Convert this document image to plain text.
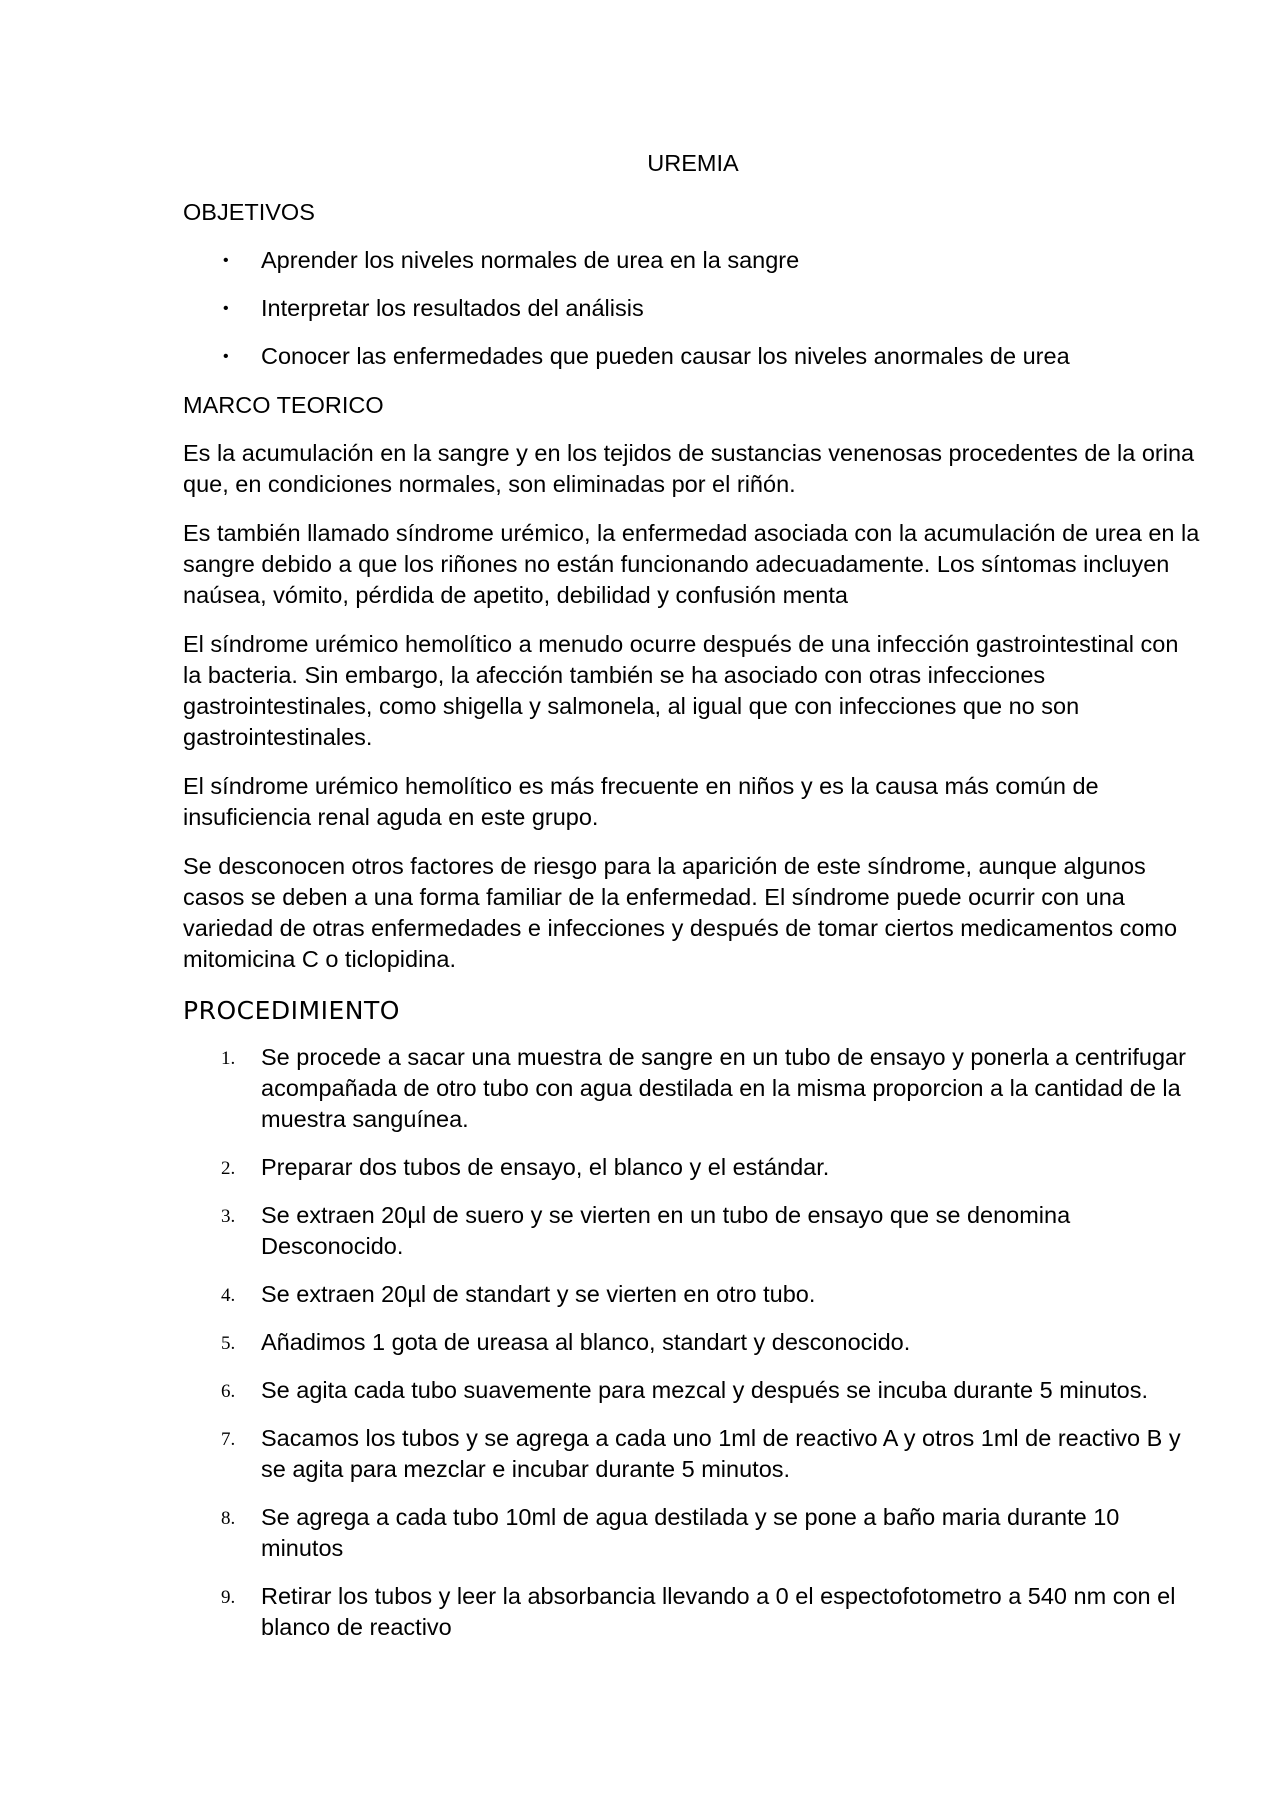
UREMIA
OBJETIVOS
• Aprender los niveles normales de urea en la sangre
• Interpretar los resultados del análisis
• Conocer las enfermedades que pueden causar los niveles anormales de urea
MARCO TEORICO

Es la acumulación en la sangre y en los tejidos de sustancias venenosas procedentes de la orina que, en condiciones normales, son eliminadas por el riñón.

Es también llamado síndrome urémico, la enfermedad asociada con la acumulación de urea en la sangre debido a que los riñones no están funcionando adecuadamente. Los síntomas incluyen naúsea, vómito, pérdida de apetito, debilidad y confusión menta

El síndrome urémico hemolítico a menudo ocurre después de una infección gastrointestinal con la bacteria. Sin embargo, la afección también se ha asociado con otras infecciones gastrointestinales, como shigella y salmonela, al igual que con infecciones que no son gastrointestinales.

El síndrome urémico hemolítico es más frecuente en niños y es la causa más común de insuficiencia renal aguda en este grupo.

Se desconocen otros factores de riesgo para la aparición de este síndrome, aunque algunos casos se deben a una forma familiar de la enfermedad. El síndrome puede ocurrir con una variedad de otras enfermedades e infecciones y después de tomar ciertos medicamentos como mitomicina C o ticlopidina.

PROCEDIMIENTO
1. Se procede a sacar una muestra de sangre en un tubo de ensayo y ponerla a centrifugar acompañada de otro tubo con agua destilada en la misma proporcion a la cantidad de la muestra sanguínea.
2. Preparar dos tubos de ensayo, el blanco y el estándar.
3. Se extraen 20µl de suero y se vierten en un tubo de ensayo que se denomina Desconocido.
4. Se extraen 20µl de standart y se vierten en otro tubo.
5. Añadimos 1 gota de ureasa al blanco, standart y desconocido.
6. Se agita cada tubo suavemente para mezcal y después se incuba durante 5 minutos.
7. Sacamos los tubos y se agrega a cada uno 1ml de reactivo A y otros 1ml de reactivo B y se agita para mezclar e incubar durante 5 minutos.
8. Se agrega a cada tubo 10ml de agua destilada y se pone a baño maria durante 10 minutos
9. Retirar los tubos y leer la absorbancia llevando a 0 el espectofotometro a 540 nm con el blanco de reactivo
